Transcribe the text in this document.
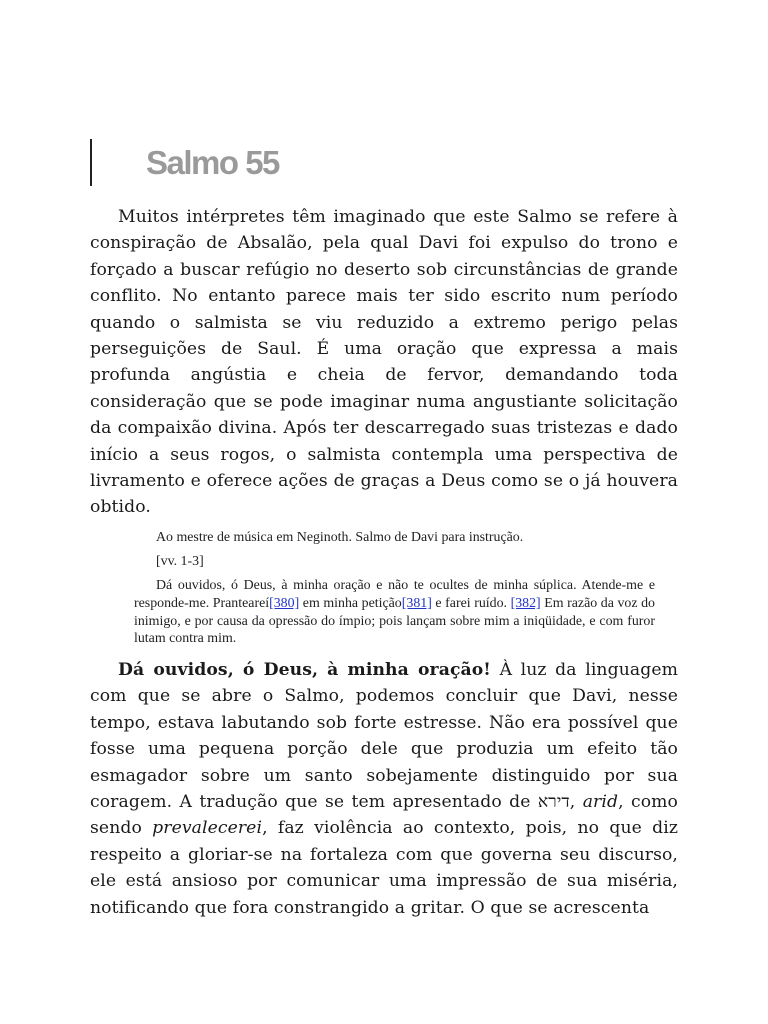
Salmo 55

Muitos intérpretes têm imaginado que este Salmo se refere à conspiração de Absalão, pela qual Davi foi expulso do trono e forçado a buscar refúgio no deserto sob circunstâncias de grande conflito. No entanto parece mais ter sido escrito num período quando o salmista se viu reduzido a extremo perigo pelas perseguições de Saul. É uma oração que expressa a mais profunda angústia e cheia de fervor, demandando toda consideração que se pode imaginar numa angustiante solicitação da compaixão divina. Após ter descarregado suas tristezas e dado início a seus rogos, o salmista contempla uma perspectiva de livramento e oferece ações de graças a Deus como se o já houvera obtido.

Ao mestre de música em Neginoth. Salmo de Davi para instrução.

[vv. 1-3]

Dá ouvidos, ó Deus, à minha oração e não te ocultes de minha súplica. Atende-me e responde-me. Pranteareí[380] em minha petição[381] e farei ruído. [382] Em razão da voz do inimigo, e por causa da opressão do ímpio; pois lançam sobre mim a iniqüidade, e com furor lutam contra mim.

Dá ouvidos, ó Deus, à minha oração! À luz da linguagem com que se abre o Salmo, podemos concluir que Davi, nesse tempo, estava labutando sob forte estresse. Não era possível que fosse uma pequena porção dele que produzia um efeito tão esmagador sobre um santo sobejamente distinguido por sua coragem. A tradução que se tem apresentado de דירא, arid, como sendo prevalecerei, faz violência ao contexto, pois, no que diz respeito a gloriar-se na fortaleza com que governa seu discurso, ele está ansioso por comunicar uma impressão de sua miséria, notificando que fora constrangido a gritar. O que se acrescenta
